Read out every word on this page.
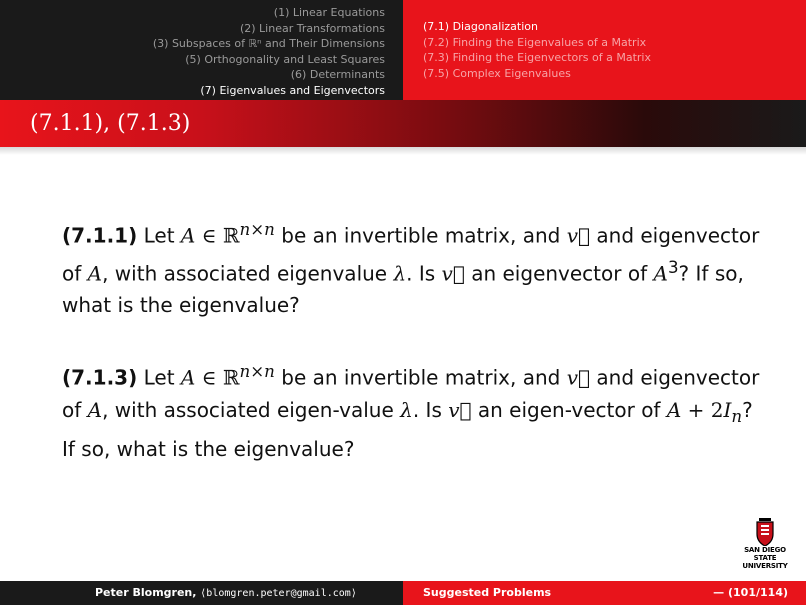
(1) Linear Equations
(2) Linear Transformations
(3) Subspaces of ℝⁿ and Their Dimensions
(5) Orthogonality and Least Squares
(6) Determinants
(7) Eigenvalues and Eigenvectors
(7.1) Diagonalization
(7.2) Finding the Eigenvalues of a Matrix
(7.3) Finding the Eigenvectors of a Matrix
(7.5) Complex Eigenvalues
(7.1.1), (7.1.3)
(7.1.1) Let A ∈ ℝ$^{n\times n}$ be an invertible matrix, and v⃗ and eigenvector of A, with associated eigenvalue λ. Is v⃗ an eigenvector of $A^3$? If so, what is the eigenvalue?
(7.1.3) Let A ∈ ℝ$^{n\times n}$ be an invertible matrix, and v⃗ and eigenvector of A, with associated eigen-value λ. Is v⃗ an eigen-vector of $A + 2I_n$? If so, what is the eigenvalue?
SAN DIEGO STATE
UNIVERSITY
Peter Blomgren, ⟨blomgren.peter@gmail.com⟩	Suggested Problems	— (101/114)
